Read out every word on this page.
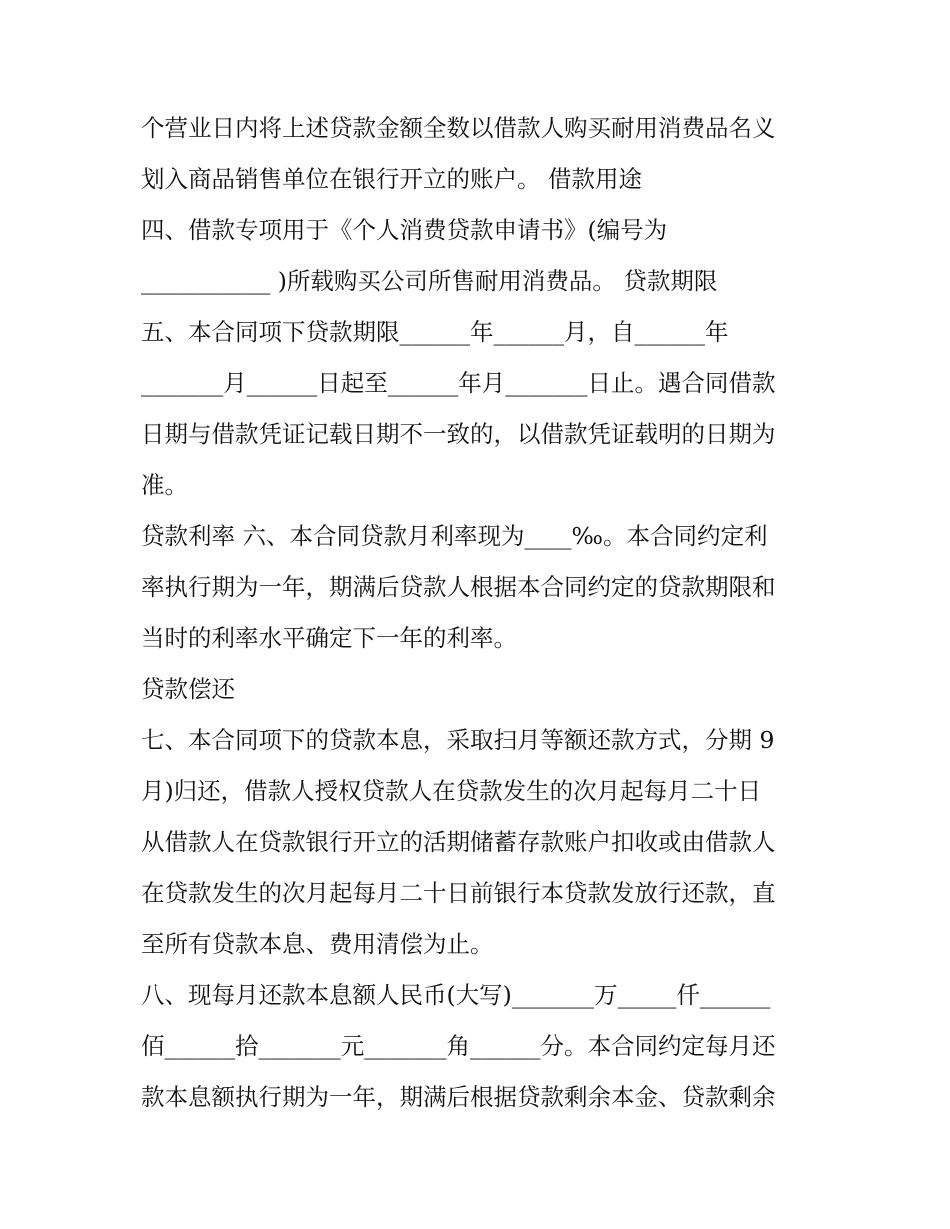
个营业日内将上述贷款金额全数以借款人购买耐用消费品名义
划入商品销售单位在银行开立的账户。 借款用途
四、借款专项用于《个人消费贷款申请书》(编号为
___________ )所载购买公司所售耐用消费品。 贷款期限
五、本合同项下贷款期限______年______月，自______年
_______月______日起至______年月_______日止。遇合同借款
日期与借款凭证记载日期不一致的，以借款凭证载明的日期为
准。
贷款利率 六、本合同贷款月利率现为____‰。本合同约定利
率执行期为一年，期满后贷款人根据本合同约定的贷款期限和
当时的利率水平确定下一年的利率。
贷款偿还
七、本合同项下的贷款本息，采取扫月等额还款方式，分期 9
月)归还，借款人授权贷款人在贷款发生的次月起每月二十日
从借款人在贷款银行开立的活期储蓄存款账户扣收或由借款人
在贷款发生的次月起每月二十日前银行本贷款发放行还款，直
至所有贷款本息、费用清偿为止。
八、现每月还款本息额人民币(大写)_______万_____仟______
佰______拾_______元_______角______分。本合同约定每月还
款本息额执行期为一年，期满后根据贷款剩余本金、贷款剩余
